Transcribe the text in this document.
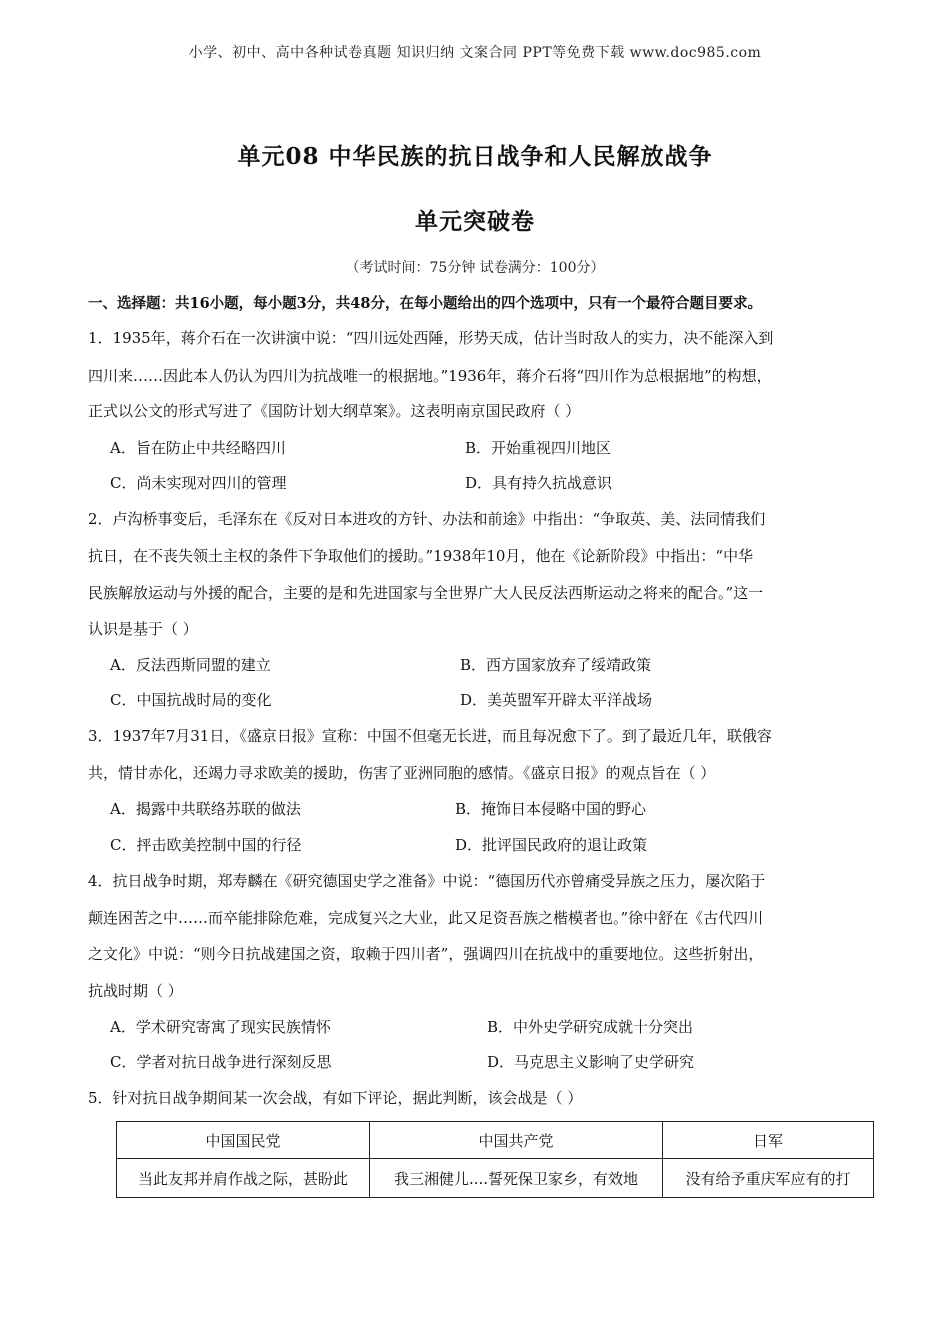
小学、初中、高中各种试卷真题 知识归纳 文案合同 PPT等免费下载 www.doc985.com
单元08 中华民族的抗日战争和人民解放战争
单元突破卷
（考试时间：75分钟 试卷满分：100分）
一、选择题：共16小题，每小题3分，共48分，在每小题给出的四个选项中，只有一个最符合题目要求。
1．1935年，蒋介石在一次讲演中说：“四川远处西陲，形势天成，估计当时敌人的实力，决不能深入到
四川来……因此本人仍认为四川为抗战唯一的根据地。”1936年，蒋介石将“四川作为总根据地”的构想，
正式以公文的形式写进了《国防计划大纲草案》。这表明南京国民政府（ ）
A．旨在防止中共经略四川	B．开始重视四川地区
C．尚未实现对四川的管理	D．具有持久抗战意识
2．卢沟桥事变后，毛泽东在《反对日本进攻的方针、办法和前途》中指出：“争取英、美、法同情我们
抗日，在不丧失领土主权的条件下争取他们的援助。”1938年10月，他在《论新阶段》中指出：“中华
民族解放运动与外援的配合，主要的是和先进国家与全世界广大人民反法西斯运动之将来的配合。”这一
认识是基于（ ）
A．反法西斯同盟的建立	B．西方国家放弃了绥靖政策
C．中国抗战时局的变化	D．美英盟军开辟太平洋战场
3．1937年7月31日，《盛京日报》宣称：中国不但毫无长进，而且每况愈下了。到了最近几年，联俄容
共，情甘赤化，还竭力寻求欧美的援助，伤害了亚洲同胞的感情。《盛京日报》的观点旨在（ ）
A．揭露中共联络苏联的做法	B．掩饰日本侵略中国的野心
C．抨击欧美控制中国的行径	D．批评国民政府的退让政策
4．抗日战争时期，郑寿麟在《研究德国史学之准备》中说：“德国历代亦曾痛受异族之压力，屡次陷于
颠连困苦之中……而卒能排除危难，完成复兴之大业，此又足资吾族之楷模者也。”徐中舒在《古代四川
之文化》中说：“则今日抗战建国之资，取赖于四川者”，强调四川在抗战中的重要地位。这些折射出，
抗战时期（ ）
A．学术研究寄寓了现实民族情怀	B．中外史学研究成就十分突出
C．学者对抗日战争进行深刻反思	D．马克思主义影响了史学研究
5．针对抗日战争期间某一次会战，有如下评论，据此判断，该会战是（ ）
中国国民党	中国共产党	日军
当此友邦并肩作战之际，甚盼此	我三湘健儿....誓死保卫家乡，有效地	没有给予重庆军应有的打
